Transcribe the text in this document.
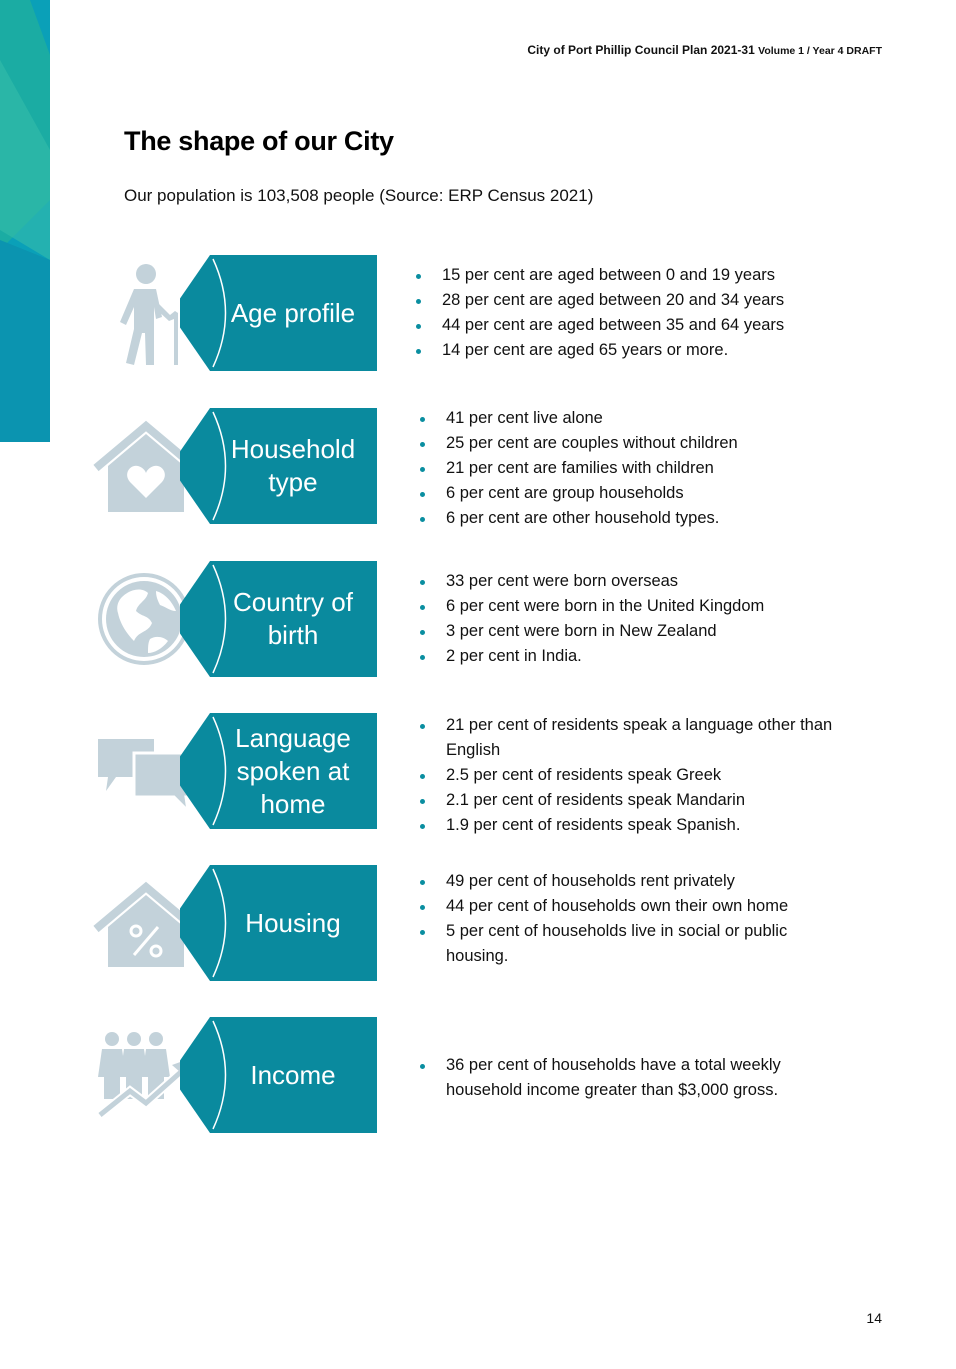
City of Port Phillip Council Plan 2021-31 Volume 1 / Year 4 DRAFT
The shape of our City
Our population is 103,508 people (Source: ERP Census 2021)
Age profile
15 per cent are aged between 0 and 19 years
28 per cent are aged between 20 and 34 years
44 per cent are aged between 35 and 64 years
14 per cent are aged 65 years or more.
Household
type
41 per cent live alone
25 per cent are couples without children
21 per cent are families with children
6 per cent are group households
6 per cent are other household types.
Country of
birth
33 per cent were born overseas
6 per cent were born in the United Kingdom
3 per cent were born in New Zealand
2 per cent in India.
Language
spoken at
home
21 per cent of residents speak a language other than English
2.5 per cent of residents speak Greek
2.1 per cent of residents speak Mandarin
1.9 per cent of residents speak Spanish.
Housing
49 per cent of households rent privately
44 per cent of households own their own home
5 per cent of households live in social or public housing.
Income	36 per cent of households have a total weekly household income greater than $3,000 gross.
14
